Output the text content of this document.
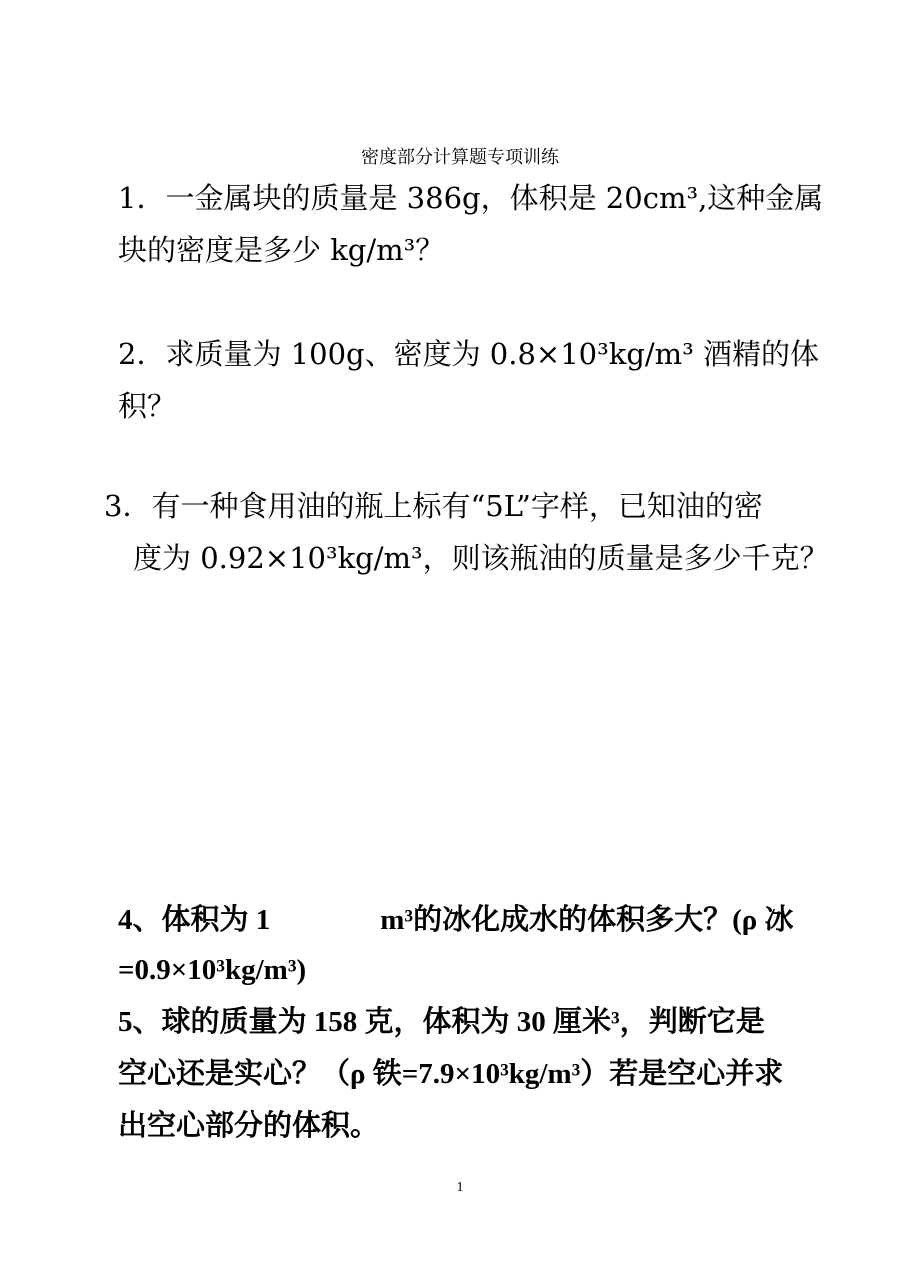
密度部分计算题专项训练
1．一金属块的质量是 386g，体积是 20cm³,这种金属
块的密度是多少 kg/m³？
2．求质量为 100g、密度为 0.8×10³kg/m³ 酒精的体
积？
3．有一种食用油的瓶上标有“5L”字样，已知油的密
度为 0.92×10³kg/m³，则该瓶油的质量是多少千克？
4、体积为 1	m³的冰化成水的体积多大？(ρ 冰
=0.9×10³kg/m³)
5、球的质量为 158 克，体积为 30 厘米³，判断它是
空心还是实心？（ρ 铁=7.9×10³kg/m³）若是空心并求
出空心部分的体积。
1
